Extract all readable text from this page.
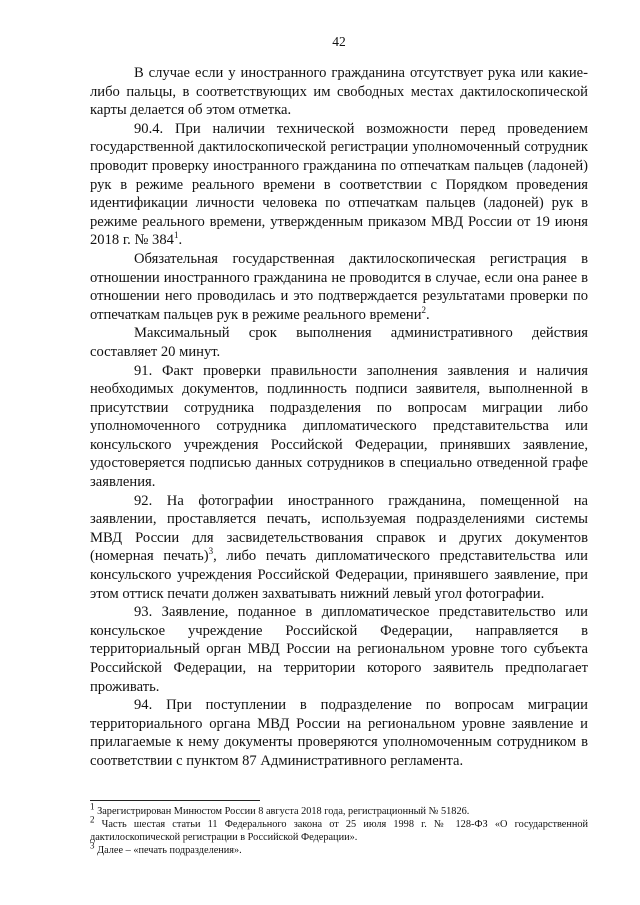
42

В случае если у иностранного гражданина отсутствует рука или какие-либо пальцы, в соответствующих им свободных местах дактилоскопической карты делается об этом отметка.

90.4. При наличии технической возможности перед проведением государственной дактилоскопической регистрации уполномоченный сотрудник проводит проверку иностранного гражданина по отпечаткам пальцев (ладоней) рук в режиме реального времени в соответствии с Порядком проведения идентификации личности человека по отпечаткам пальцев (ладоней) рук в режиме реального времени, утвержденным приказом МВД России от 19 июня 2018 г. № $384^1$.

Обязательная государственная дактилоскопическая регистрация в отношении иностранного гражданина не проводится в случае, если она ранее в отношении него проводилась и это подтверждается результатами проверки по отпечаткам пальцев рук в режиме реального времени$^2$.

Максимальный срок выполнения административного действия составляет 20 минут.

91. Факт проверки правильности заполнения заявления и наличия необходимых документов, подлинность подписи заявителя, выполненной в присутствии сотрудника подразделения по вопросам миграции либо уполномоченного сотрудника дипломатического представительства или консульского учреждения Российской Федерации, принявших заявление, удостоверяется подписью данных сотрудников в специально отведенной графе заявления.

92. На фотографии иностранного гражданина, помещенной на заявлении, проставляется печать, используемая подразделениями системы МВД России для засвидетельствования справок и других документов (номерная печать)$^3$, либо печать дипломатического представительства или консульского учреждения Российской Федерации, принявшего заявление, при этом оттиск печати должен захватывать нижний левый угол фотографии.

93. Заявление, поданное в дипломатическое представительство или консульское учреждение Российской Федерации, направляется в территориальный орган МВД России на региональном уровне того субъекта Российской Федерации, на территории которого заявитель предполагает проживать.

94. При поступлении в подразделение по вопросам миграции территориального органа МВД России на региональном уровне заявление и прилагаемые к нему документы проверяются уполномоченным сотрудником в соответствии с пунктом 87 Административного регламента.

$^1$ Зарегистрирован Минюстом России 8 августа 2018 года, регистрационный № 51826.

$^2$ Часть шестая статьи 11 Федерального закона от 25 июля 1998 г. № 128-ФЗ «О государственной дактилоскопической регистрации в Российской Федерации».

$^3$ Далее – «печать подразделения».
